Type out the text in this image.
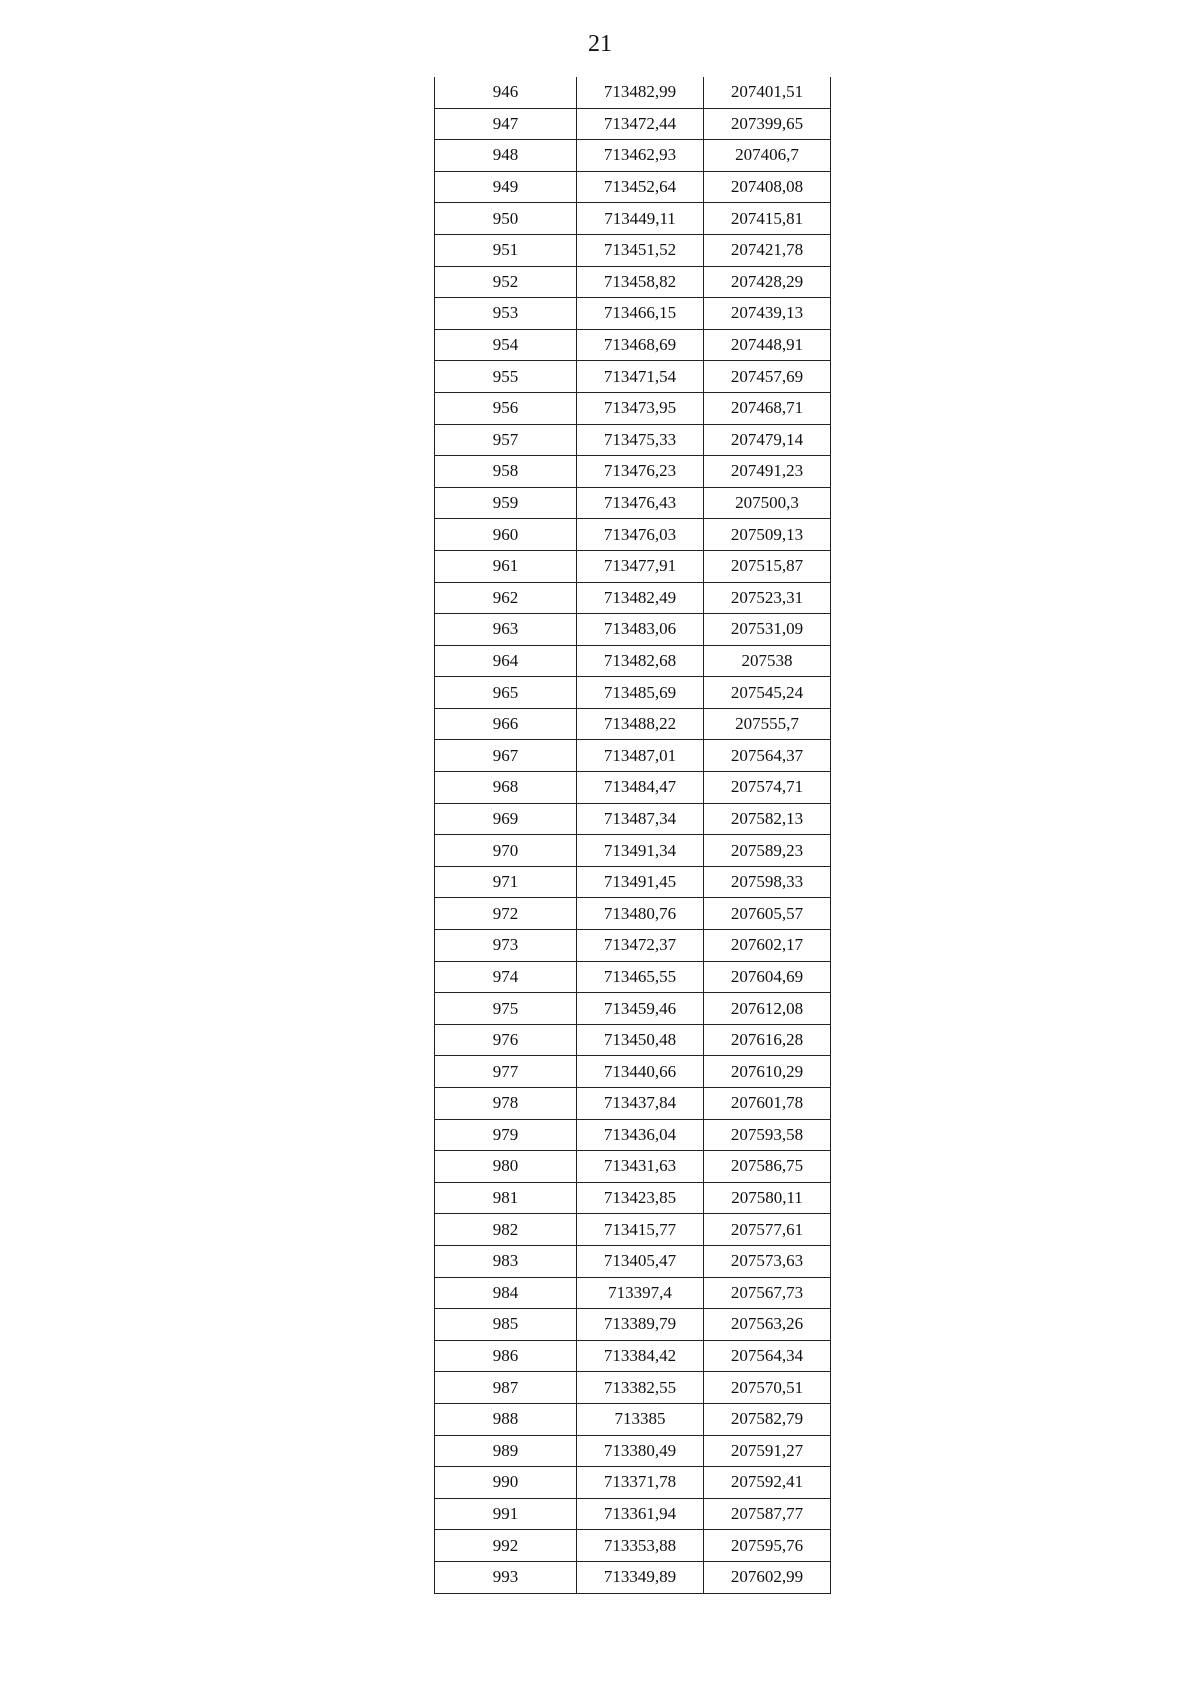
21
946	713482,99	207401,51
947	713472,44	207399,65
948	713462,93	207406,7
949	713452,64	207408,08
950	713449,11	207415,81
951	713451,52	207421,78
952	713458,82	207428,29
953	713466,15	207439,13
954	713468,69	207448,91
955	713471,54	207457,69
956	713473,95	207468,71
957	713475,33	207479,14
958	713476,23	207491,23
959	713476,43	207500,3
960	713476,03	207509,13
961	713477,91	207515,87
962	713482,49	207523,31
963	713483,06	207531,09
964	713482,68	207538
965	713485,69	207545,24
966	713488,22	207555,7
967	713487,01	207564,37
968	713484,47	207574,71
969	713487,34	207582,13
970	713491,34	207589,23
971	713491,45	207598,33
972	713480,76	207605,57
973	713472,37	207602,17
974	713465,55	207604,69
975	713459,46	207612,08
976	713450,48	207616,28
977	713440,66	207610,29
978	713437,84	207601,78
979	713436,04	207593,58
980	713431,63	207586,75
981	713423,85	207580,11
982	713415,77	207577,61
983	713405,47	207573,63
984	713397,4	207567,73
985	713389,79	207563,26
986	713384,42	207564,34
987	713382,55	207570,51
988	713385	207582,79
989	713380,49	207591,27
990	713371,78	207592,41
991	713361,94	207587,77
992	713353,88	207595,76
993	713349,89	207602,99
